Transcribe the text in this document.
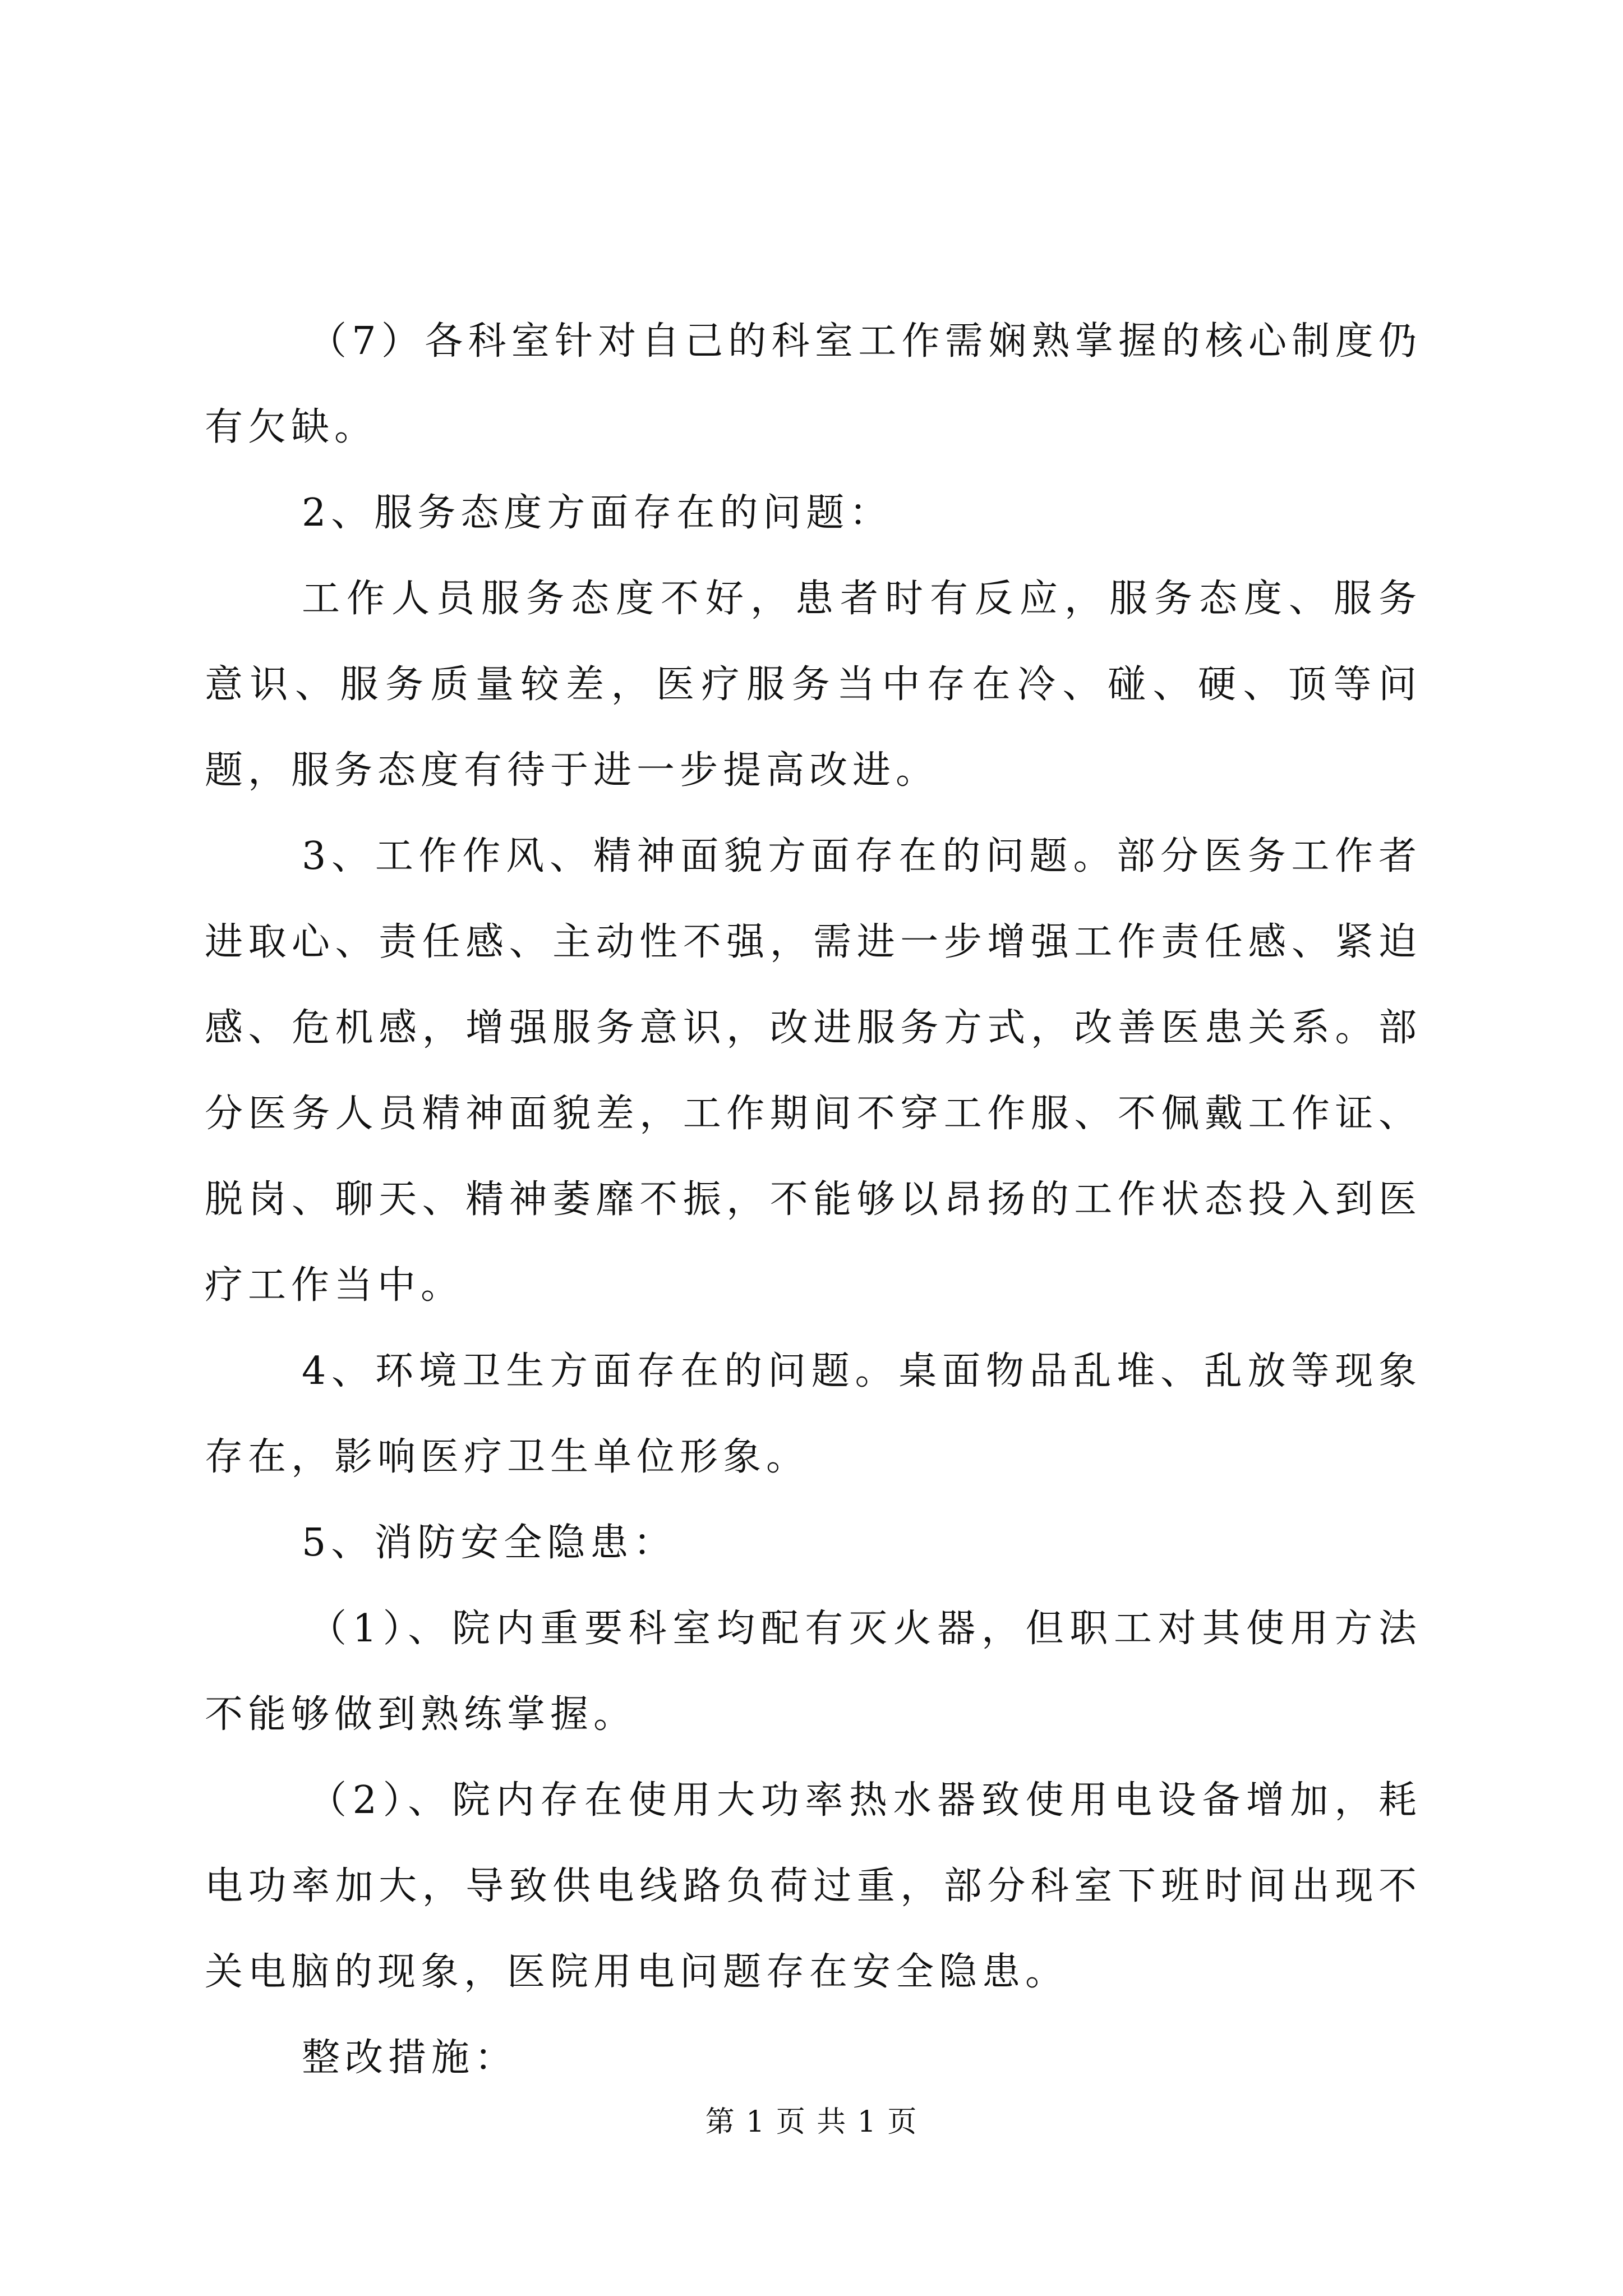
（7）各科室针对自己的科室工作需娴熟掌握的核心制度仍有欠缺。

2、服务态度方面存在的问题：

工作人员服务态度不好，患者时有反应，服务态度、服务意识、服务质量较差，医疗服务当中存在冷、碰、硬、顶等问题，服务态度有待于进一步提高改进。

3、工作作风、精神面貌方面存在的问题。部分医务工作者进取心、责任感、主动性不强，需进一步增强工作责任感、紧迫感、危机感，增强服务意识，改进服务方式，改善医患关系。部分医务人员精神面貌差，工作期间不穿工作服、不佩戴工作证、脱岗、聊天、精神萎靡不振，不能够以昂扬的工作状态投入到医疗工作当中。

4、环境卫生方面存在的问题。桌面物品乱堆、乱放等现象存在，影响医疗卫生单位形象。

5、消防安全隐患：

（1）、院内重要科室均配有灭火器，但职工对其使用方法不能够做到熟练掌握。

（2）、院内存在使用大功率热水器致使用电设备增加，耗电功率加大，导致供电线路负荷过重，部分科室下班时间出现不关电脑的现象，医院用电问题存在安全隐患。

整改措施：

第 1 页 共 1 页
